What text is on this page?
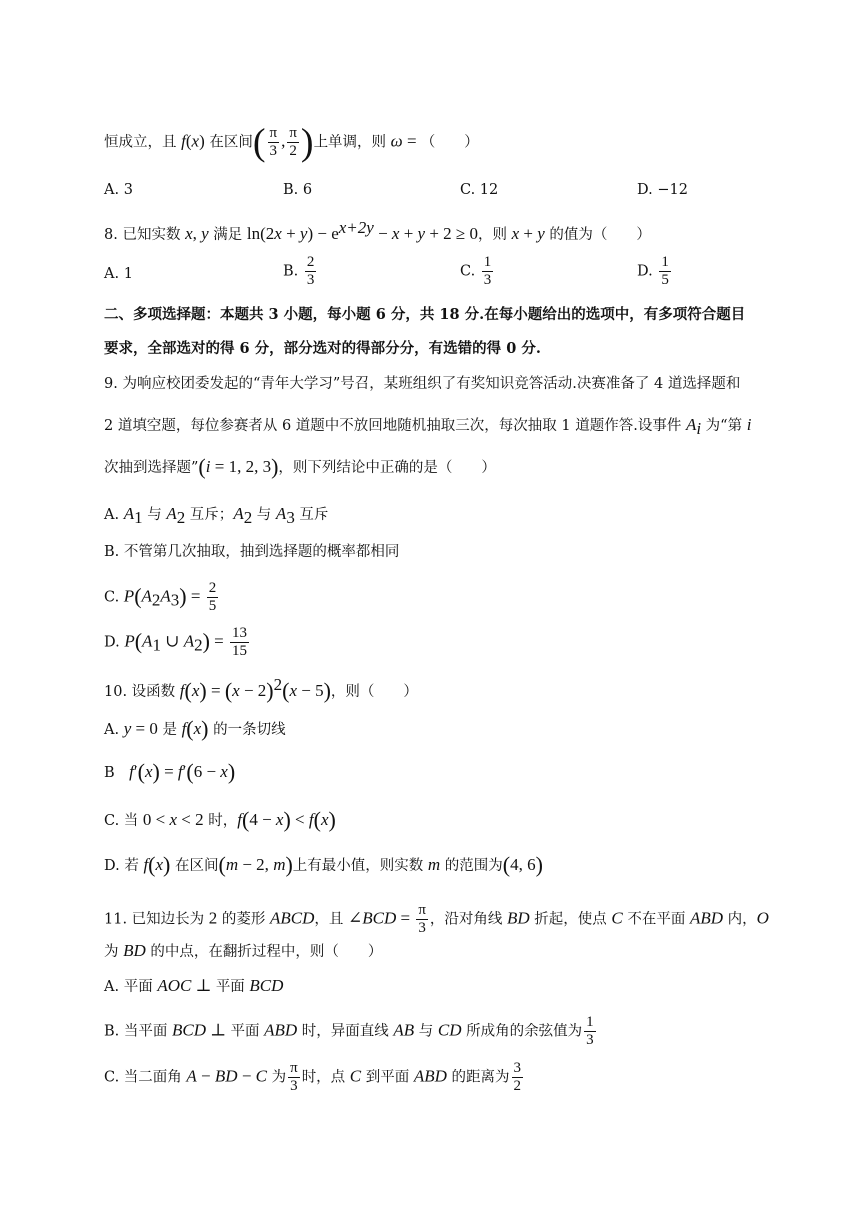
恒成立，且 f(x) 在区间( $\frac{\pi}{3}$ , $\frac{\pi}{2}$ )上单调，则 ω = （　　）
A. 3	B. 6	C. 12	D. −12
8. 已知实数 x, y 满足 $\ln(2x + y) - e^{x+2y} - x + y + 2 \ge 0$，则 x + y 的值为（　　）
A. 1	B. $\frac{2}{3}$	C. $\frac{1}{3}$	D. $\frac{1}{5}$
二、多项选择题：本题共 3 小题，每小题 6 分，共 18 分.在每小题给出的选项中，有多项符合题目
要求，全部选对的得 6 分，部分选对的得部分分，有选错的得 0 分.
9. 为响应校团委发起的“青年大学习”号召，某班组织了有奖知识竞答活动.决赛准备了 4 道选择题和
2 道填空题，每位参赛者从 6 道题中不放回地随机抽取三次，每次抽取 1 道题作答.设事件 $A_i$ 为“第 i
次抽到选择题”(i = 1, 2, 3)，则下列结论中正确的是（　　）
A. $A_1$ 与 $A_2$ 互斥；$A_2$ 与 $A_3$ 互斥
B. 不管第几次抽取，抽到选择题的概率都相同
C. $P(A_2A_3) = \frac{2}{5}$
D. $P(A_1$ ∪ $A_2) = \frac{13}{15}$
10. 设函数 $f(x) = (x - 2)^2(x - 5)$，则（　　）
A. y = 0 是 f(x) 的一条切线
B　f′(x) = f′(6 − x)
C. 当 0 < x < 2 时，f(4 − x) < f(x)
D. 若 f(x) 在区间(m − 2, m)上有最小值，则实数 m 的范围为(4, 6)
11. 已知边长为 2 的菱形 ABCD，且 ∠BCD = $\frac{\pi}{3}$ ，沿对角线 BD 折起，使点 C 不在平面 ABD 内，O
为 BD 的中点，在翻折过程中，则（　　）
A. 平面 AOC ⊥ 平面 BCD
B. 当平面 BCD ⊥ 平面 ABD 时，异面直线 AB 与 CD 所成角的余弦值为 $\frac{1}{3}$
C. 当二面角 A − BD − C 为 $\frac{\pi}{3}$ 时，点 C 到平面 ABD 的距离为 $\frac{3}{2}$
